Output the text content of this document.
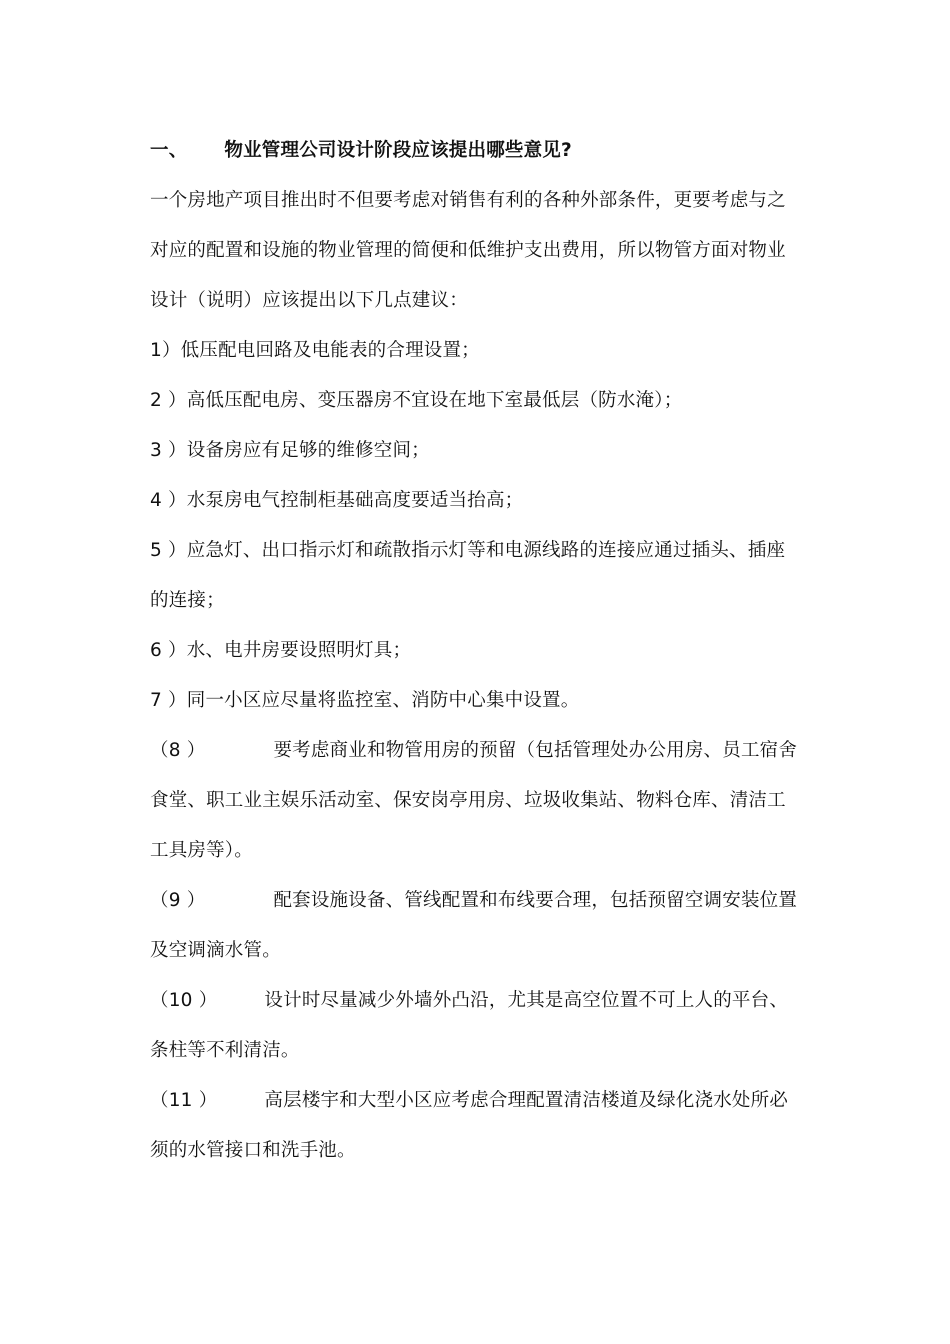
一、 物业管理公司设计阶段应该提出哪些意见?
一个房地产项目推出时不但要考虑对销售有利的各种外部条件，更要考虑与之
对应的配置和设施的物业管理的简便和低维护支出费用，所以物管方面对物业
设计（说明）应该提出以下几点建议：
1）低压配电回路及电能表的合理设置；
2 ）高低压配电房、变压器房不宜设在地下室最低层（防水淹）；
3 ）设备房应有足够的维修空间；
4 ）水泵房电气控制柜基础高度要适当抬高；
5 ）应急灯、出口指示灯和疏散指示灯等和电源线路的连接应通过插头、插座
的连接；
6 ）水、电井房要设照明灯具；
7 ）同一小区应尽量将监控室、消防中心集中设置。
（8 ）	要考虑商业和物管用房的预留（包括管理处办公用房、员工宿舍
食堂、职工业主娱乐活动室、保安岗亭用房、垃圾收集站、物料仓库、清洁工
工具房等）。
（9 ）	配套设施设备、管线配置和布线要合理，包括预留空调安装位置
及空调滴水管。
（10 ）	设计时尽量减少外墙外凸沿，尤其是高空位置不可上人的平台、
条柱等不利清洁。
（11 ）	高层楼宇和大型小区应考虑合理配置清洁楼道及绿化浇水处所必
须的水管接口和洗手池。
